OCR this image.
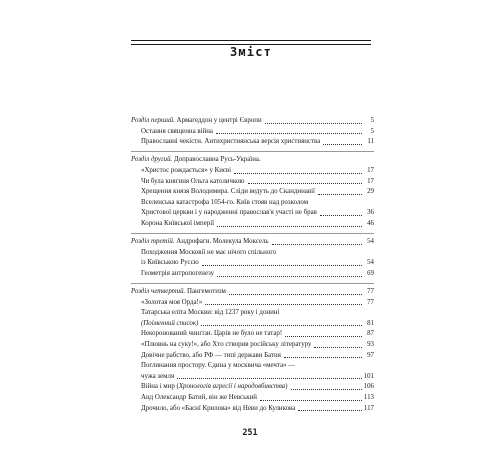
Зміст
Розділ перший. Армагеддон у центрі Європи	5
Остання священна війна	5
Православні чекісти. Антихристиянська версія християнства	11
Розділ другий. Доправославна Русь-Україна.
«Христос рождається» у Києві	17
Чи була княгиня Ольга католичкою	17
Хрещення князя Володимира. Сліди ведуть до Скандинавії	29
Вселенська катастрофа 1054-го. Київ стояв над розколом
Христової церкви і у народженні православ'я участі не брав	36
Корона Київської імперії	46
Розділ третій. Андрофаги. Молекула Моксель	54
Походження Московії не має нічого спільного
із Київською Руссю	54
Геометрія антропогенезу	69
Розділ четвертий. Пангемотизм	77
«Золотая моя Орда!»	77
Татарська еліта Москви: від 1237 року і донині
(Поіменний список)	81
Некоронований чингізи. Царів не було не татар!	87
«Плювнь на суку!», або Хто створив російську літературу	93
Довічне рабство, або РФ — типі держави Батия	97
Поглинання простору. Єдина у москвича «мечта» —
чужа земля	101
Війна і мир (Хронологія агресії і народовбивства)	106
Анд Олександр Батий, він же Невський	113
Дрочило, або «Баснї Крилова» від Неви до Куликова	117
251
